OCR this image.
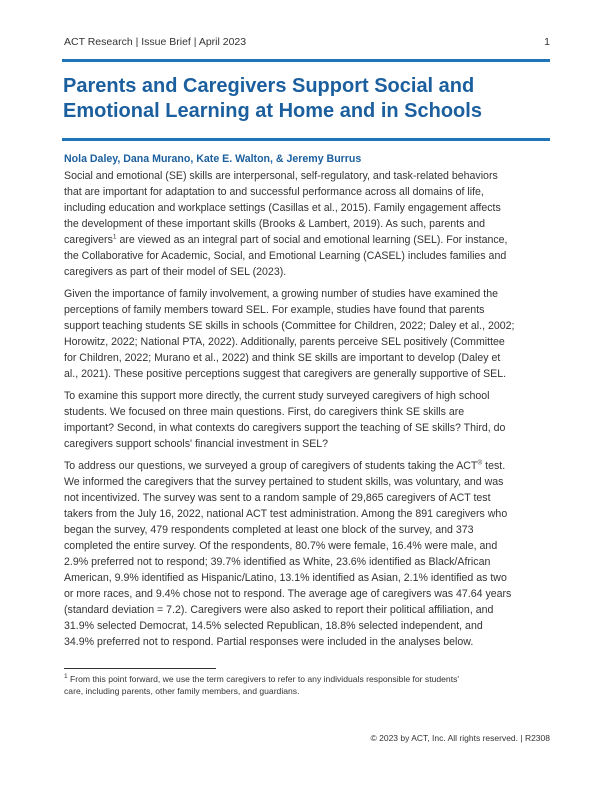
ACT Research | Issue Brief | April 2023	1
Parents and Caregivers Support Social and
Emotional Learning at Home and in Schools
Nola Daley, Dana Murano, Kate E. Walton, & Jeremy Burrus

Social and emotional (SE) skills are interpersonal, self-regulatory, and task-related behaviors
that are important for adaptation to and successful performance across all domains of life,
including education and workplace settings (Casillas et al., 2015). Family engagement affects
the development of these important skills (Brooks & Lambert, 2019). As such, parents and
caregivers$^1$ are viewed as an integral part of social and emotional learning (SEL). For instance,
the Collaborative for Academic, Social, and Emotional Learning (CASEL) includes families and
caregivers as part of their model of SEL (2023).

Given the importance of family involvement, a growing number of studies have examined the
perceptions of family members toward SEL. For example, studies have found that parents
support teaching students SE skills in schools (Committee for Children, 2022; Daley et al., 2002;
Horowitz, 2022; National PTA, 2022). Additionally, parents perceive SEL positively (Committee
for Children, 2022; Murano et al., 2022) and think SE skills are important to develop (Daley et
al., 2021). These positive perceptions suggest that caregivers are generally supportive of SEL.

To examine this support more directly, the current study surveyed caregivers of high school
students. We focused on three main questions. First, do caregivers think SE skills are
important? Second, in what contexts do caregivers support the teaching of SE skills? Third, do
caregivers support schools' financial investment in SEL?

To address our questions, we surveyed a group of caregivers of students taking the ACT® test.
We informed the caregivers that the survey pertained to student skills, was voluntary, and was
not incentivized. The survey was sent to a random sample of 29,865 caregivers of ACT test
takers from the July 16, 2022, national ACT test administration. Among the 891 caregivers who
began the survey, 479 respondents completed at least one block of the survey, and 373
completed the entire survey. Of the respondents, 80.7% were female, 16.4% were male, and
2.9% preferred not to respond; 39.7% identified as White, 23.6% identified as Black/African
American, 9.9% identified as Hispanic/Latino, 13.1% identified as Asian, 2.1% identified as two
or more races, and 9.4% chose not to respond. The average age of caregivers was 47.64 years
(standard deviation = 7.2). Caregivers were also asked to report their political affiliation, and
31.9% selected Democrat, 14.5% selected Republican, 18.8% selected independent, and
34.9% preferred not to respond. Partial responses were included in the analyses below.

$^1$ From this point forward, we use the term caregivers to refer to any individuals responsible for students'
care, including parents, other family members, and guardians.
© 2023 by ACT, Inc. All rights reserved. | R2308
